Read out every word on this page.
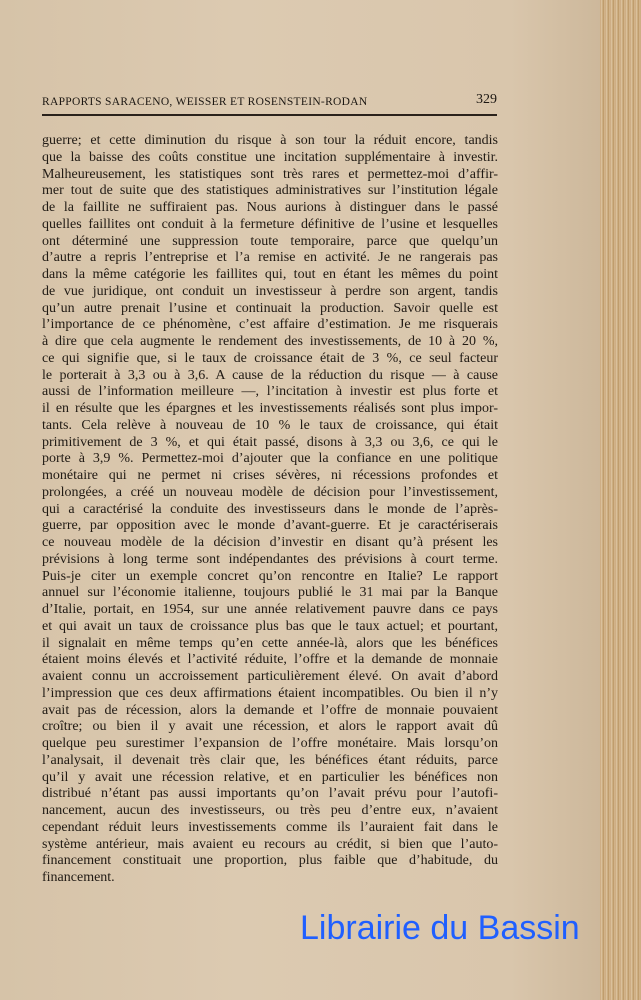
RAPPORTS SARACENO, WEISSER ET ROSENSTEIN-RODAN	329
guerre; et cette diminution du risque à son tour la réduit encore, tandis
que la baisse des coûts constitue une incitation supplémentaire à investir.
Malheureusement, les statistiques sont très rares et permettez-moi d’affir-
mer tout de suite que des statistiques administratives sur l’institution légale
de la faillite ne suffiraient pas. Nous aurions à distinguer dans le passé
quelles faillites ont conduit à la fermeture définitive de l’usine et lesquelles
ont déterminé une suppression toute temporaire, parce que quelqu’un
d’autre a repris l’entreprise et l’a remise en activité. Je ne rangerais pas
dans la même catégorie les faillites qui, tout en étant les mêmes du point
de vue juridique, ont conduit un investisseur à perdre son argent, tandis
qu’un autre prenait l’usine et continuait la production. Savoir quelle est
l’importance de ce phénomène, c’est affaire d’estimation. Je me risquerais
à dire que cela augmente le rendement des investissements, de 10 à 20 %,
ce qui signifie que, si le taux de croissance était de 3 %, ce seul facteur
le porterait à 3,3 ou à 3,6. A cause de la réduction du risque — à cause
aussi de l’information meilleure —, l’incitation à investir est plus forte et
il en résulte que les épargnes et les investissements réalisés sont plus impor-
tants. Cela relève à nouveau de 10 % le taux de croissance, qui était
primitivement de 3 %, et qui était passé, disons à 3,3 ou 3,6, ce qui le
porte à 3,9 %. Permettez-moi d’ajouter que la confiance en une politique
monétaire qui ne permet ni crises sévères, ni récessions profondes et
prolongées, a créé un nouveau modèle de décision pour l’investissement,
qui a caractérisé la conduite des investisseurs dans le monde de l’après-
guerre, par opposition avec le monde d’avant-guerre. Et je caractériserais
ce nouveau modèle de la décision d’investir en disant qu’à présent les
prévisions à long terme sont indépendantes des prévisions à court terme.
Puis-je citer un exemple concret qu’on rencontre en Italie? Le rapport
annuel sur l’économie italienne, toujours publié le 31 mai par la Banque
d’Italie, portait, en 1954, sur une année relativement pauvre dans ce pays
et qui avait un taux de croissance plus bas que le taux actuel; et pourtant,
il signalait en même temps qu’en cette année-là, alors que les bénéfices
étaient moins élevés et l’activité réduite, l’offre et la demande de monnaie
avaient connu un accroissement particulièrement élevé. On avait d’abord
l’impression que ces deux affirmations étaient incompatibles. Ou bien il n’y
avait pas de récession, alors la demande et l’offre de monnaie pouvaient
croître; ou bien il y avait une récession, et alors le rapport avait dû
quelque peu surestimer l’expansion de l’offre monétaire. Mais lorsqu’on
l’analysait, il devenait très clair que, les bénéfices étant réduits, parce
qu’il y avait une récession relative, et en particulier les bénéfices non
distribué n’étant pas aussi importants qu’on l’avait prévu pour l’autofi-
nancement, aucun des investisseurs, ou très peu d’entre eux, n’avaient
cependant réduit leurs investissements comme ils l’auraient fait dans le
système antérieur, mais avaient eu recours au crédit, si bien que l’auto-
financement constituait une proportion, plus faible que d’habitude, du
financement.
Librairie du Bassin
